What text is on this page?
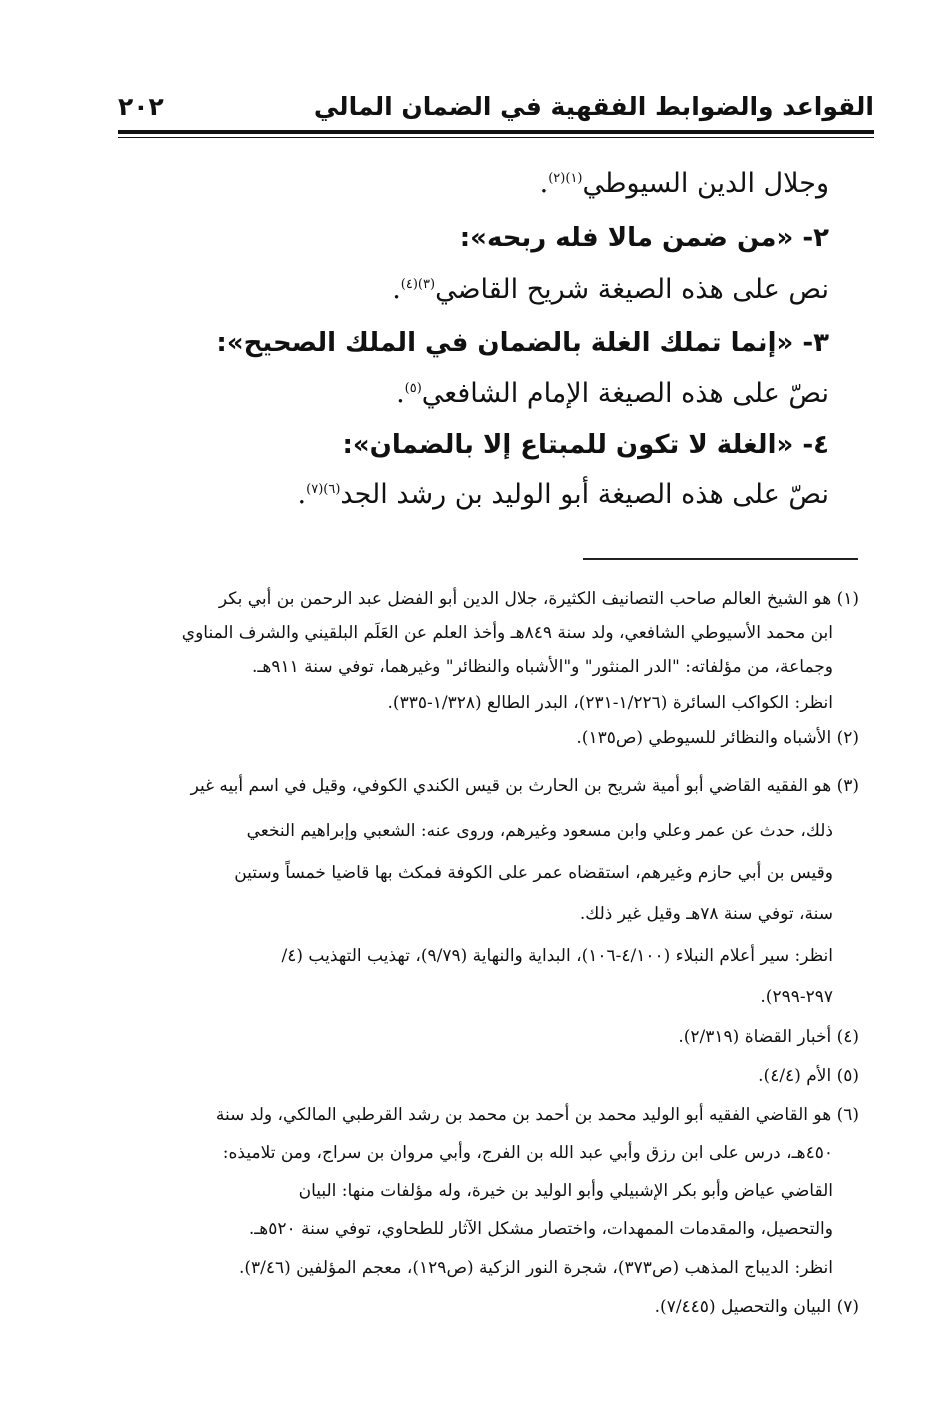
القواعد والضوابط الفقهية في الضمان المالي
٢٠٢
وجلال الدين السيوطي$^{(١)(٢)}$.
٢- «من ضمن مالا فله ربحه»:
نص على هذه الصيغة شريح القاضي$^{(٣)(٤)}$.
٣- «إنما تملك الغلة بالضمان في الملك الصحيح»:
نصّ على هذه الصيغة الإمام الشافعي$^{(٥)}$.
٤- «الغلة لا تكون للمبتاع إلا بالضمان»:
نصّ على هذه الصيغة أبو الوليد بن رشد الجد$^{(٦)(٧)}$.
(١) هو الشيخ العالم صاحب التصانيف الكثيرة، جلال الدين أبو الفضل عبد الرحمن بن أبي بكر
ابن محمد الأسيوطي الشافعي، ولد سنة ٨٤٩هـ وأخذ العلم عن العَلَم البلقيني والشرف المناوي
وجماعة، من مؤلفاته: "الدر المنثور" و"الأشباه والنظائر" وغيرهما، توفي سنة ٩١١هـ.
انظر: الكواكب السائرة (١/٢٢٦-٢٣١)، البدر الطالع (١/٣٢٨-٣٣٥).
(٢) الأشباه والنظائر للسيوطي (ص١٣٥).
(٣) هو الفقيه القاضي أبو أمية شريح بن الحارث بن قيس الكندي الكوفي، وقيل في اسم أبيه غير
ذلك، حدث عن عمر وعلي وابن مسعود وغيرهم، وروى عنه: الشعبي وإبراهيم النخعي
وقيس بن أبي حازم وغيرهم، استقضاه عمر على الكوفة فمكث بها قاضيا خمساً وستين
سنة، توفي سنة ٧٨هـ وقيل غير ذلك.
انظر: سير أعلام النبلاء (٤/١٠٠-١٠٦)، البداية والنهاية (٩/٧٩)، تهذيب التهذيب (٤/
٢٩٧-٢٩٩).
(٤) أخبار القضاة (٢/٣١٩).
(٥) الأم (٤/٤).
(٦) هو القاضي الفقيه أبو الوليد محمد بن أحمد بن محمد بن رشد القرطبي المالكي، ولد سنة
٤٥٠هـ، درس على ابن رزق وأبي عبد الله بن الفرج، وأبي مروان بن سراج، ومن تلاميذه:
القاضي عياض وأبو بكر الإشبيلي وأبو الوليد بن خيرة، وله مؤلفات منها: البيان
والتحصيل، والمقدمات الممهدات، واختصار مشكل الآثار للطحاوي، توفي سنة ٥٢٠هـ.
انظر: الديباج المذهب (ص٣٧٣)، شجرة النور الزكية (ص١٢٩)، معجم المؤلفين (٣/٤٦).
(٧) البيان والتحصيل (٧/٤٤٥).
